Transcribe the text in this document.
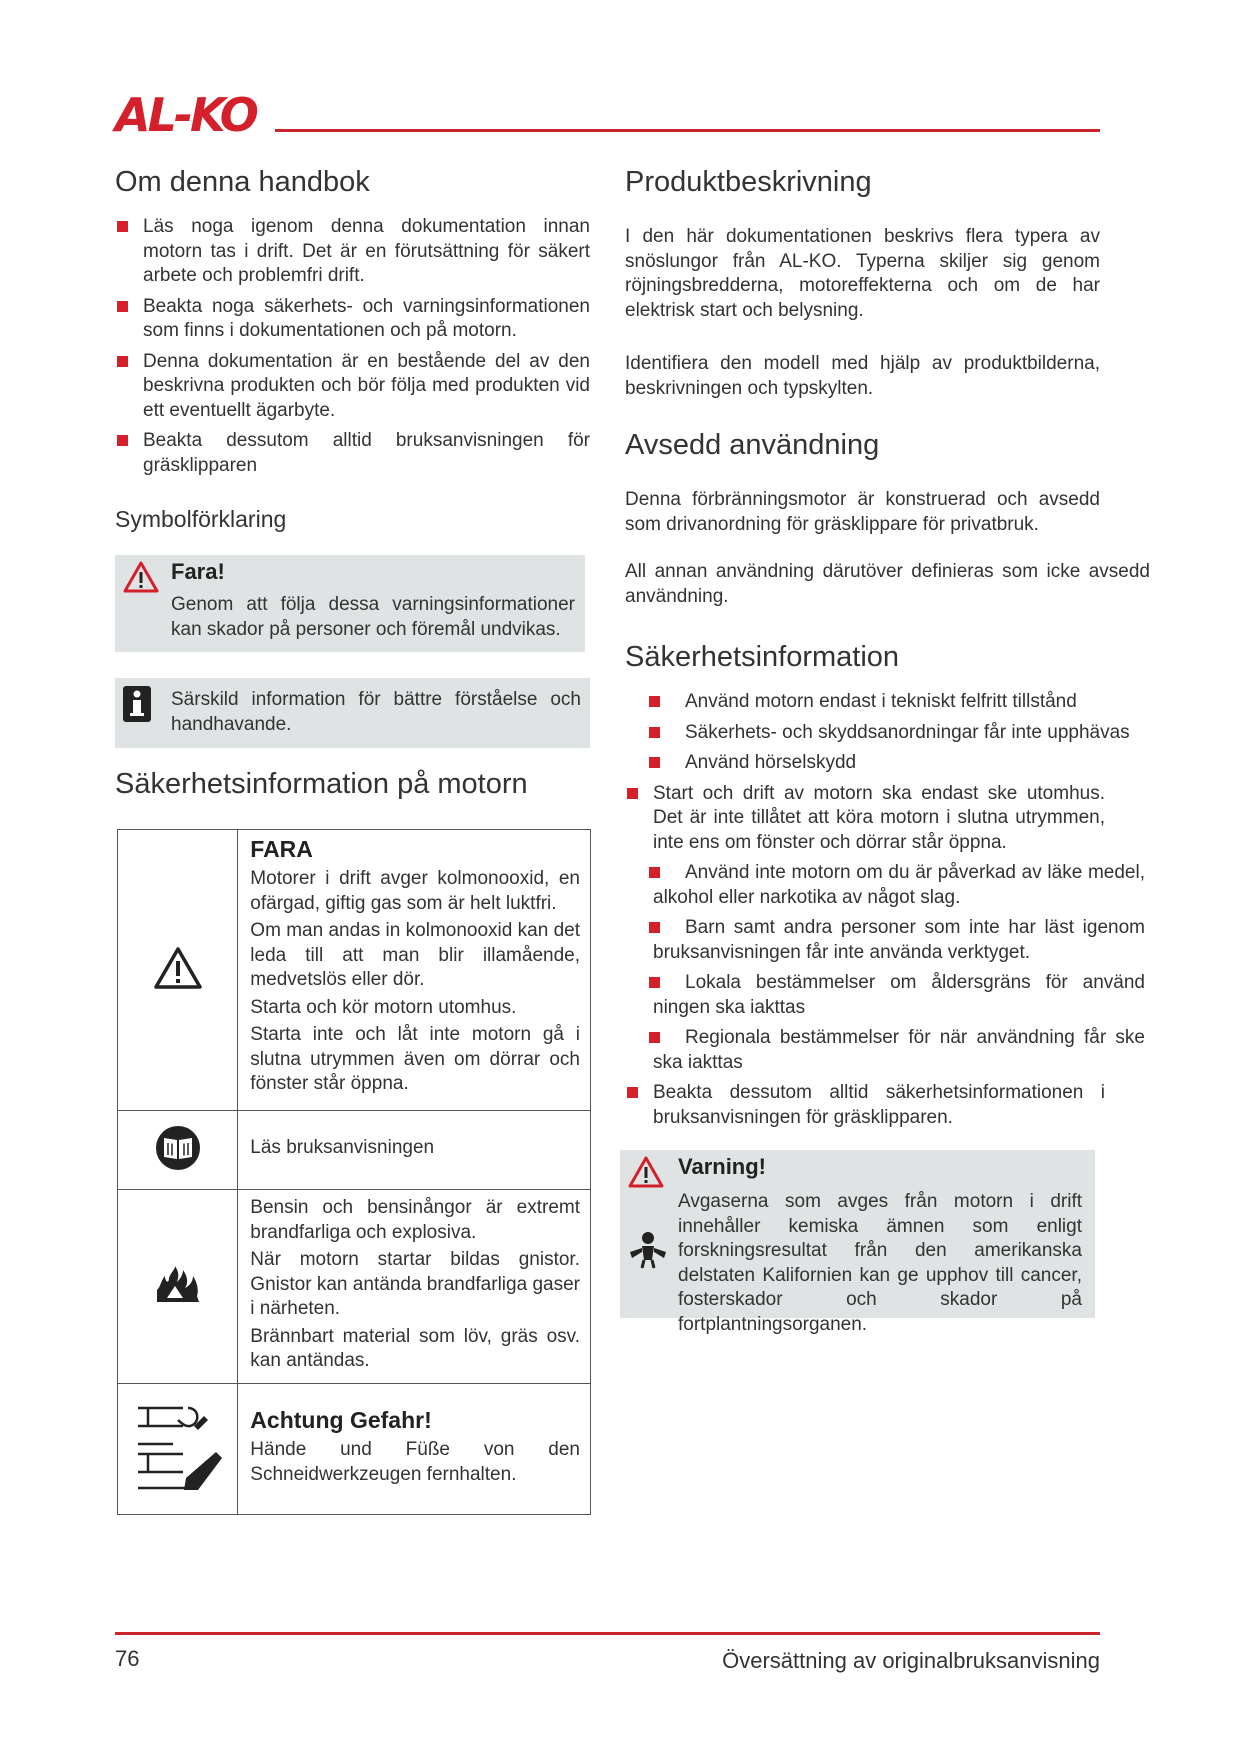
AL-KO
Om denna handbok

Läs noga igenom denna dokumentation innan motorn tas i drift. Det är en förutsättning för säkert arbete och problemfri drift.

Beakta noga säkerhets- och varningsinformationen som finns i dokumentationen och på motorn.

Denna dokumentation är en bestående del av den beskrivna produkten och bör följa med produkten vid ett eventuellt ägarbyte.

Beakta dessutom alltid bruksanvisningen för gräsklipparen

Symbolförklaring
Fara!
Genom att följa dessa varningsinformationer kan skador på personer och föremål undvikas.
Särskild information för bättre förståelse och handhavande.
Säkerhetsinformation på motorn

FARA

Motorer i drift avger kolmonooxid, en ofärgad, giftig gas som är helt luktfri.

Om man andas in kolmonooxid kan det leda till att man blir illamående, medvetslös eller dör.

Starta och kör motorn utomhus.

Starta inte och låt inte motorn gå i slutna utrymmen även om dörrar och fönster står öppna.

Läs bruksanvisningen

Bensin och bensinångor är extremt brandfarliga och explosiva.

När motorn startar bildas gnistor. Gnistor kan antända brandfarliga gaser i närheten.

Brännbart material som löv, gräs osv. kan antändas.

Achtung Gefahr!

Hände und Füße von den Schneidwerkzeugen fernhalten.

Produktbeskrivning

I den här dokumentationen beskrivs flera typera av snöslungor från AL-KO. Typerna skiljer sig genom röjningsbredderna, motoreffekterna och om de har elektrisk start och belysning.

Identifiera den modell med hjälp av produktbilderna, beskrivningen och typskylten.

Avsedd användning

Denna förbränningsmotor är konstruerad och avsedd som drivanordning för gräsklippare för privatbruk.

All annan användning därutöver definieras som icke avsedd användning.

Säkerhetsinformation

Använd motorn endast i tekniskt felfritt tillstånd

Säkerhets- och skyddsanordningar får inte upphävas

Använd hörselskydd

Start och drift av motorn ska endast ske utomhus. Det är inte tillåtet att köra motorn i slutna utrymmen, inte ens om fönster och dörrar står öppna.

Använd inte motorn om du är påverkad av läke medel, alkohol eller narkotika av något slag.

Barn samt andra personer som inte har läst igenom bruksanvisningen får inte använda verktyget.

Lokala bestämmelser om åldersgräns för använd ningen ska iakttas

Regionala bestämmelser för när användning får ske ska iakttas

Beakta dessutom alltid säkerhetsinformationen i bruksanvisningen för gräsklipparen.

Varning!
Avgaserna som avges från motorn i drift innehåller kemiska ämnen som enligt forskningsresultat från den amerikanska delstaten Kalifornien kan ge upphov till cancer, fosterskador och skador på fortplantningsorganen.
76	Översättning av originalbruksanvisning
